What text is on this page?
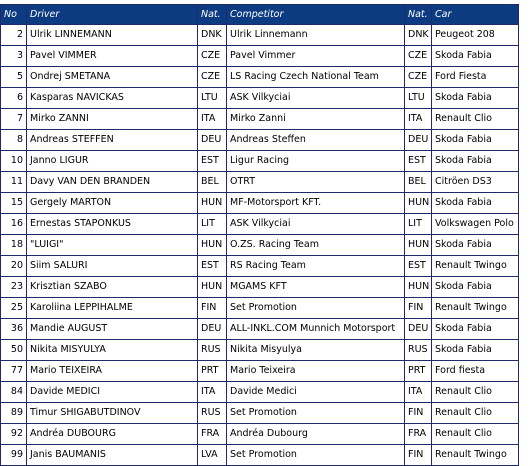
No	Driver	Nat.	Competitor	Nat.	Car
2	Ulrik LINNEMANN	DNK	Ulrik Linnemann	DNK	Peugeot 208
3	Pavel VIMMER	CZE	Pavel Vimmer	CZE	Skoda Fabia
5	Ondrej SMETANA	CZE	LS Racing Czech National Team	CZE	Ford Fiesta
6	Kasparas NAVICKAS	LTU	ASK Vilkyciai	LTU	Skoda Fabia
7	Mirko ZANNI	ITA	Mirko Zanni	ITA	Renault Clio
8	Andreas STEFFEN	DEU	Andreas Steffen	DEU	Skoda Fabia
10	Janno LIGUR	EST	Ligur Racing	EST	Skoda Fabia
11	Davy VAN DEN BRANDEN	BEL	OTRT	BEL	Citröen DS3
15	Gergely MARTON	HUN	MF-Motorsport KFT.	HUN	Skoda Fabia
16	Ernestas STAPONKUS	LIT	ASK Vilkyciai	LIT	Volkswagen Polo
18	"LUIGI"	HUN	O.ZS. Racing Team	HUN	Skoda Fabia
20	Siim SALURI	EST	RS Racing Team	EST	Renault Twingo
23	Krisztian SZABO	HUN	MGAMS KFT	HUN	Skoda Fabia
25	Karoliina LEPPIHALME	FIN	Set Promotion	FIN	Renault Twingo
36	Mandie AUGUST	DEU	ALL-INKL.COM Munnich Motorsport	DEU	Skoda Fabia
50	Nikita MISYULYA	RUS	Nikita Misyulya	RUS	Skoda Fabia
77	Mario TEIXEIRA	PRT	Mario Teixeira	PRT	Ford fiesta
84	Davide MEDICI	ITA	Davide Medici	ITA	Renault Clio
89	Timur SHIGABUTDINOV	RUS	Set Promotion	FIN	Renault Clio
92	Andréa DUBOURG	FRA	Andréa Dubourg	FRA	Renault Clio
99	Janis BAUMANIS	LVA	Set Promotion	FIN	Renault Twingo
